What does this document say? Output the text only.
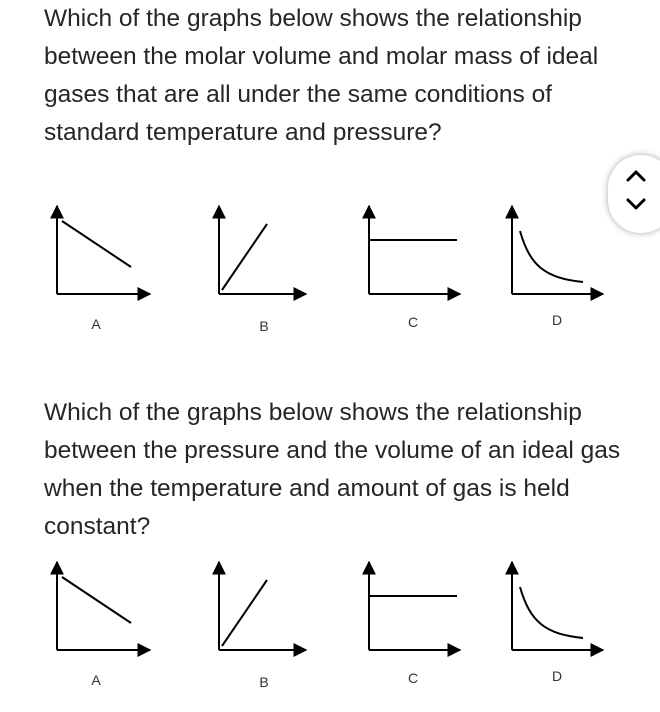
Which of the graphs below shows the relationship between the molar volume and molar mass of ideal gases that are all under the same conditions of standard temperature and pressure?

A	B	C	D

Which of the graphs below shows the relationship between the pressure and the volume of an ideal gas when the temperature and amount of gas is held constant?

A	B	C	D
